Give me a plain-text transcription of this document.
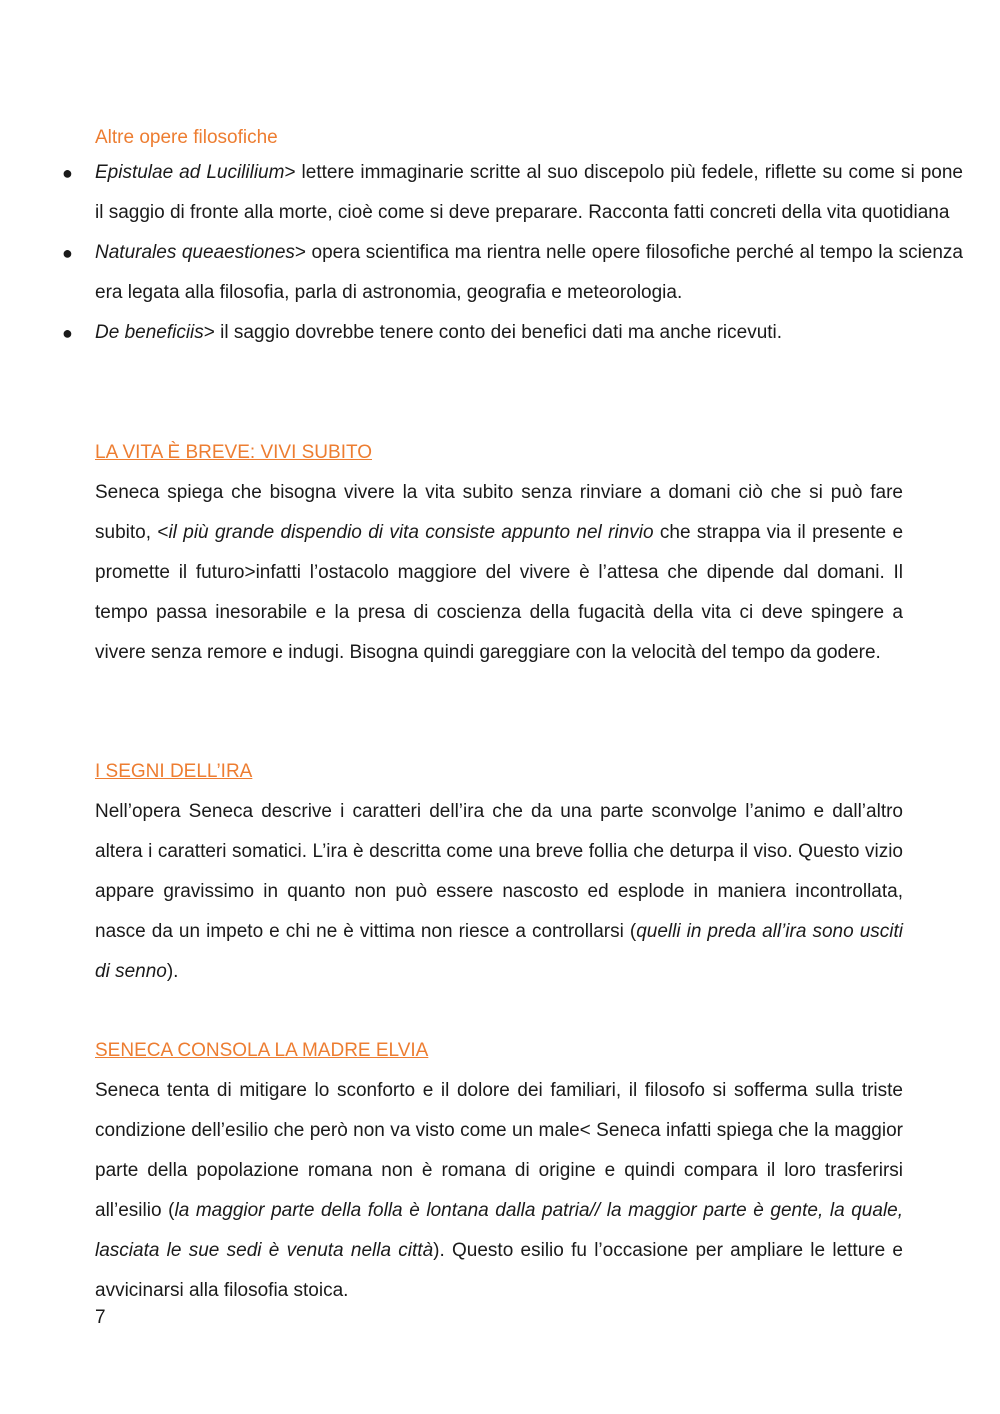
Altre opere filosofiche
● Epistulae ad Lucililium> lettere immaginarie scritte al suo discepolo più fedele, riflette su come si pone il saggio di fronte alla morte, cioè come si deve preparare. Racconta fatti concreti della vita quotidiana
● Naturales queaestiones> opera scientifica ma rientra nelle opere filosofiche perché al tempo la scienza era legata alla filosofia, parla di astronomia, geografia e meteorologia.
● De beneficiis> il saggio dovrebbe tenere conto dei benefici dati ma anche ricevuti.

LA VITA È BREVE: VIVI SUBITO

Seneca spiega che bisogna vivere la vita subito senza rinviare a domani ciò che si può fare subito, <il più grande dispendio di vita consiste appunto nel rinvio che strappa via il presente e promette il futuro>infatti l’ostacolo maggiore del vivere è l’attesa che dipende dal domani. Il tempo passa inesorabile e la presa di coscienza della fugacità della vita ci deve spingere a vivere senza remore e indugi. Bisogna quindi gareggiare con la velocità del tempo da godere.

I SEGNI DELL’IRA

Nell’opera Seneca descrive i caratteri dell’ira che da una parte sconvolge l’animo e dall’altro altera i caratteri somatici. L’ira è descritta come una breve follia che deturpa il viso. Questo vizio appare gravissimo in quanto non può essere nascosto ed esplode in maniera incontrollata, nasce da un impeto e chi ne è vittima non riesce a controllarsi (quelli in preda all’ira sono usciti di senno).

SENECA CONSOLA LA MADRE ELVIA

Seneca tenta di mitigare lo sconforto e il dolore dei familiari, il filosofo si sofferma sulla triste condizione dell’esilio che però non va visto come un male< Seneca infatti spiega che la maggior parte della popolazione romana non è romana di origine e quindi compara il loro trasferirsi all’esilio (la maggior parte della folla è lontana dalla patria// la maggior parte è gente, la quale, lasciata le sue sedi è venuta nella città). Questo esilio fu l’occasione per ampliare le letture e avvicinarsi alla filosofia stoica.

7
